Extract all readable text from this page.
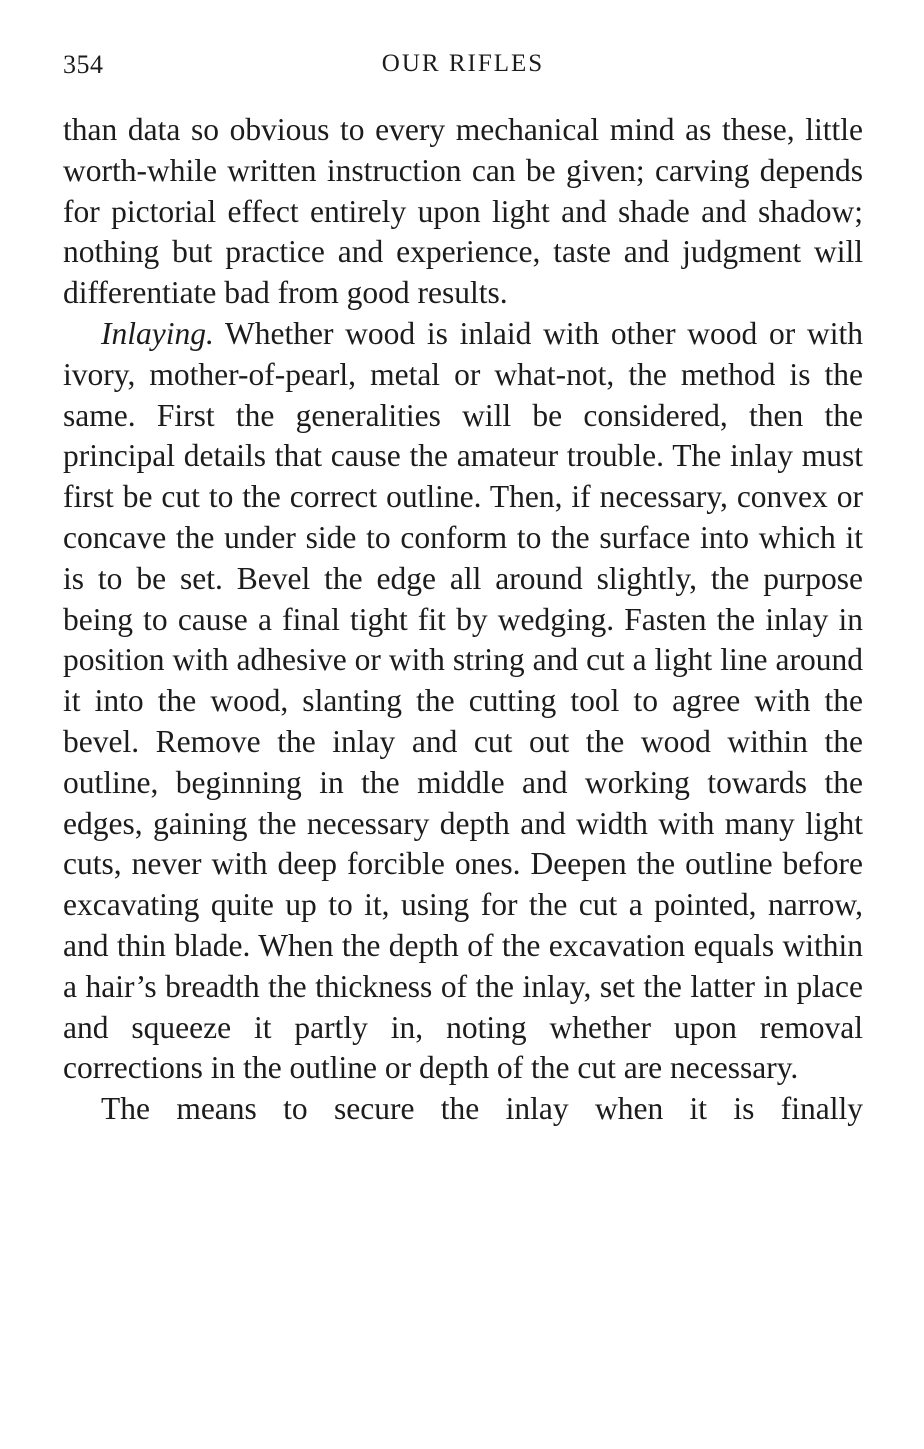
354	OUR RIFLES

than data so obvious to every mechanical mind as these, little worth-while written instruction can be given; carving depends for pictorial effect entirely upon light and shade and shadow; nothing but practice and experience, taste and judgment will differentiate bad from good results.

Inlaying. Whether wood is inlaid with other wood or with ivory, mother-of-pearl, metal or what-not, the method is the same. First the generalities will be considered, then the principal details that cause the amateur trouble. The inlay must first be cut to the correct outline. Then, if necessary, convex or concave the under side to conform to the surface into which it is to be set. Bevel the edge all around slightly, the purpose being to cause a final tight fit by wedging. Fasten the inlay in position with adhesive or with string and cut a light line around it into the wood, slanting the cutting tool to agree with the bevel. Remove the inlay and cut out the wood within the outline, beginning in the middle and working towards the edges, gaining the necessary depth and width with many light cuts, never with deep forcible ones. Deepen the outline before excavating quite up to it, using for the cut a pointed, narrow, and thin blade. When the depth of the excavation equals within a hair’s breadth the thickness of the inlay, set the latter in place and squeeze it partly in, noting whether upon removal corrections in the outline or depth of the cut are necessary.

The means to secure the inlay when it is finally
